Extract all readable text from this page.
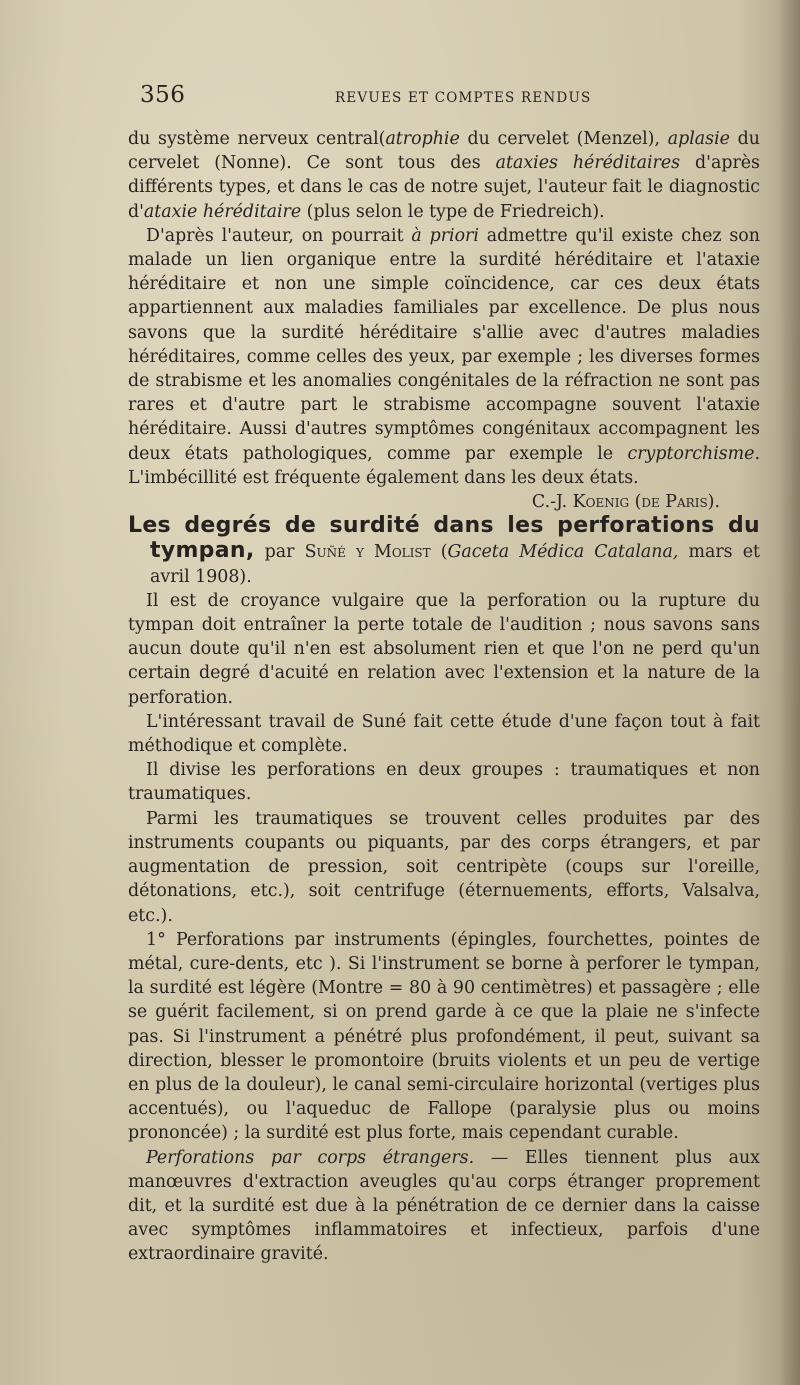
356	REVUES ET COMPTES RENDUS

du système nerveux central(atrophie du cervelet (Menzel), aplasie du cervelet (Nonne). Ce sont tous des ataxies héréditaires d'après différents types, et dans le cas de notre sujet, l'auteur fait le diagnostic d'ataxie héréditaire (plus selon le type de Friedreich).

D'après l'auteur, on pourrait à priori admettre qu'il existe chez son malade un lien organique entre la surdité héréditaire et l'ataxie héréditaire et non une simple coïncidence, car ces deux états appartiennent aux maladies familiales par excellence. De plus nous savons que la surdité héréditaire s'allie avec d'autres maladies héréditaires, comme celles des yeux, par exemple ; les diverses formes de strabisme et les anomalies congénitales de la réfraction ne sont pas rares et d'autre part le strabisme accompagne souvent l'ataxie héréditaire. Aussi d'autres symptômes congénitaux accompagnent les deux états pathologiques, comme par exemple le cryptorchisme. L'imbécillité est fréquente également dans les deux états.

C.-J. Koenig (de Paris).

Les degrés de surdité dans les perforations du tympan, par Suñé y Molist (Gaceta Médica Catalana, mars et avril 1908).

Il est de croyance vulgaire que la perforation ou la rupture du tympan doit entraîner la perte totale de l'audition ; nous savons sans aucun doute qu'il n'en est absolument rien et que l'on ne perd qu'un certain degré d'acuité en relation avec l'extension et la nature de la perforation.

L'intéressant travail de Suné fait cette étude d'une façon tout à fait méthodique et complète.

Il divise les perforations en deux groupes : traumatiques et non traumatiques.

Parmi les traumatiques se trouvent celles produites par des instruments coupants ou piquants, par des corps étrangers, et par augmentation de pression, soit centripète (coups sur l'oreille, détonations, etc.), soit centrifuge (éternuements, efforts, Valsalva, etc.).

1° Perforations par instruments (épingles, fourchettes, pointes de métal, cure-dents, etc ). Si l'instrument se borne à perforer le tympan, la surdité est légère (Montre = 80 à 90 centimètres) et passagère ; elle se guérit facilement, si on prend garde à ce que la plaie ne s'infecte pas. Si l'instrument a pénétré plus profondément, il peut, suivant sa direction, blesser le promontoire (bruits violents et un peu de vertige en plus de la douleur), le canal semi-circulaire horizontal (vertiges plus accentués), ou l'aqueduc de Fallope (paralysie plus ou moins prononcée) ; la surdité est plus forte, mais cependant curable.

Perforations par corps étrangers. — Elles tiennent plus aux manœuvres d'extraction aveugles qu'au corps étranger proprement dit, et la surdité est due à la pénétration de ce dernier dans la caisse avec symptômes inflammatoires et infectieux, parfois d'une extraordinaire gravité.
